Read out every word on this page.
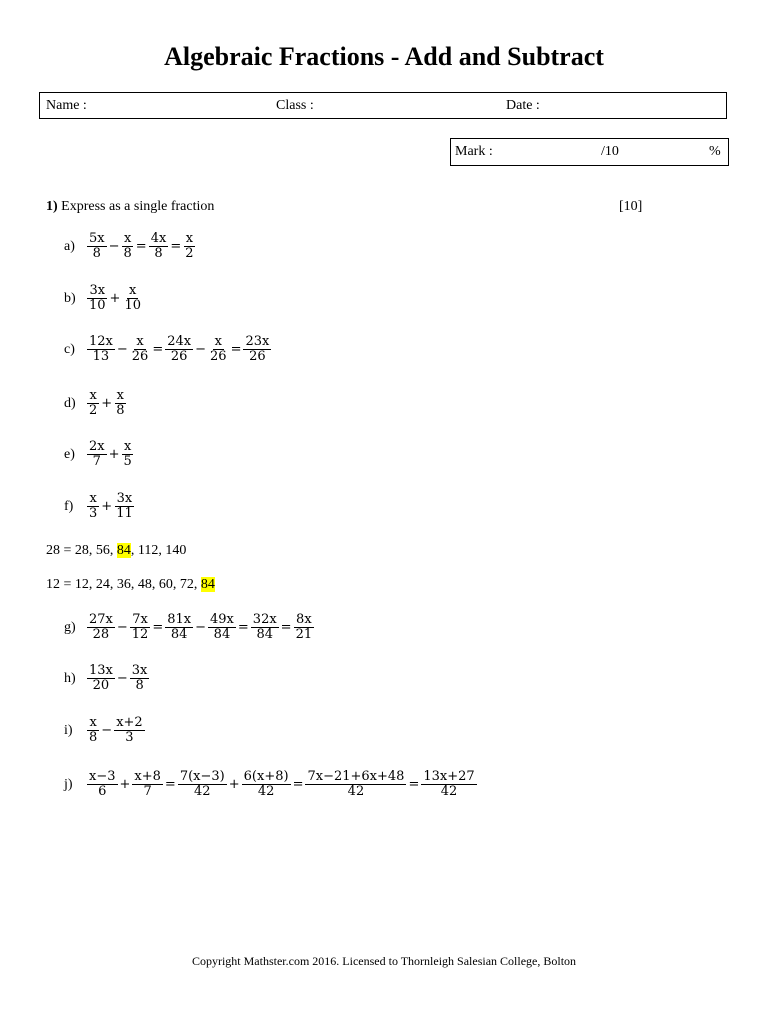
Algebraic Fractions - Add and Subtract
Name :	Class :	Date :
Mark :	/10	%
1) Express as a single fraction	[10]
28 = 28, 56, 84, 112, 140
12 = 12, 24, 36, 48, 60, 72, 84
$a) \frac{5x}{8} - \frac{x}{8} = \frac{4x}{8} = \frac{x}{2}$
$b) \frac{3x}{10} + \frac{x}{10}$
$c) \frac{12x}{13} - \frac{x}{26} = \frac{24x}{26} - \frac{x}{26} = \frac{23x}{26}$
$d) \frac{x}{2} + \frac{x}{8}$
$e) \frac{2x}{7} + \frac{x}{5}$
f)	$\frac{x}{3} + \frac{3x}{11}$
$g) \frac{27x}{28} - \frac{7x}{12} = \frac{81x}{84} - \frac{49x}{84} = \frac{32x}{84} = \frac{8x}{21}$
$h) \frac{13x}{20} - \frac{3x}{8}$
i)	$\frac{x}{8} - \frac{x+2}{3}$
j)	$\frac{x-3}{6} + \frac{x+8}{7} = \frac{7(x-3)}{42} + \frac{6(x+8)}{42} = \frac{7x-21+6x+48}{42} = \frac{13x+27}{42}$
Copyright Mathster.com 2016. Licensed to Thornleigh Salesian College, Bolton
